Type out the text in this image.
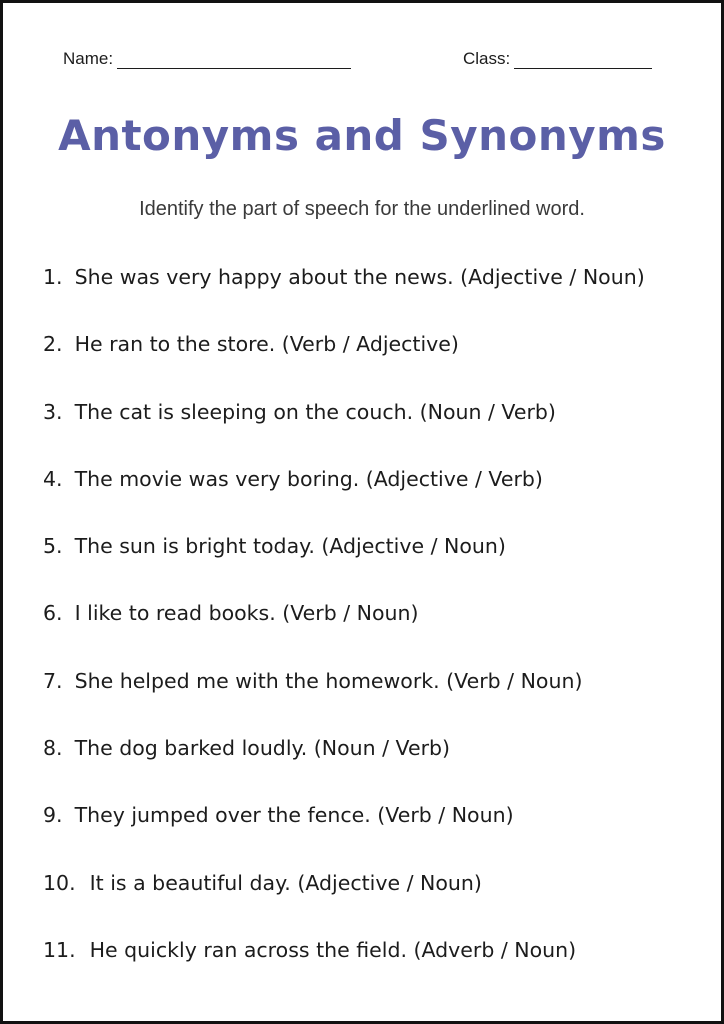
Name:	Class:
Antonyms and Synonyms

Identify the part of speech for the underlined word.

1. She was very happy about the news. (Adjective / Noun)
2. He ran to the store. (Verb / Adjective)
3. The cat is sleeping on the couch. (Noun / Verb)
4. The movie was very boring. (Adjective / Verb)
5. The sun is bright today. (Adjective / Noun)
6. I like to read books. (Verb / Noun)
7. She helped me with the homework. (Verb / Noun)
8. The dog barked loudly. (Noun / Verb)
9. They jumped over the fence. (Verb / Noun)
10. It is a beautiful day. (Adjective / Noun)
11. He quickly ran across the field. (Adverb / Noun)
